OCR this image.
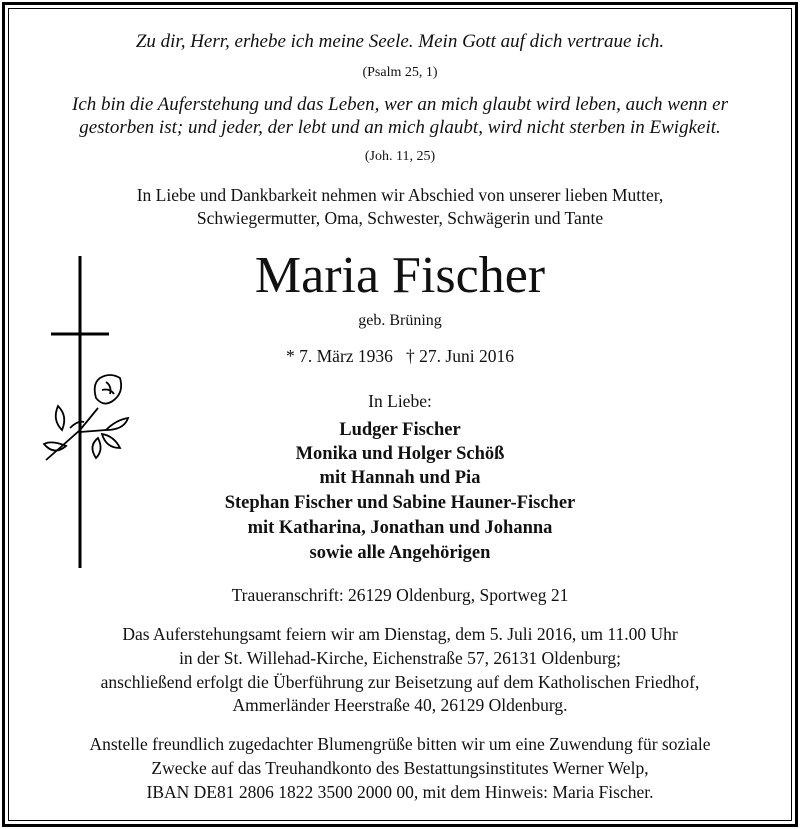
Zu dir, Herr, erhebe ich meine Seele. Mein Gott auf dich vertraue ich.
(Psalm 25, 1)
Ich bin die Auferstehung und das Leben, wer an mich glaubt wird leben, auch wenn er
gestorben ist; und jeder, der lebt und an mich glaubt, wird nicht sterben in Ewigkeit.
(Joh. 11, 25)
In Liebe und Dankbarkeit nehmen wir Abschied von unserer lieben Mutter,
Schwiegermutter, Oma, Schwester, Schwägerin und Tante
Maria Fischer
geb. Brüning
* 7. März 1936   † 27. Juni 2016
In Liebe:
Ludger Fischer
Monika und Holger Schöß
mit Hannah und Pia
Stephan Fischer und Sabine Hauner-Fischer
mit Katharina, Jonathan und Johanna
sowie alle Angehörigen
Traueranschrift: 26129 Oldenburg, Sportweg 21
Das Auferstehungsamt feiern wir am Dienstag, dem 5. Juli 2016, um 11.00 Uhr
in der St. Willehad-Kirche, Eichenstraße 57, 26131 Oldenburg;
anschließend erfolgt die Überführung zur Beisetzung auf dem Katholischen Friedhof,
Ammerländer Heerstraße 40, 26129 Oldenburg.
Anstelle freundlich zugedachter Blumengrüße bitten wir um eine Zuwendung für soziale
Zwecke auf das Treuhandkonto des Bestattungsinstitutes Werner Welp,
IBAN DE81 2806 1822 3500 2000 00, mit dem Hinweis: Maria Fischer.
